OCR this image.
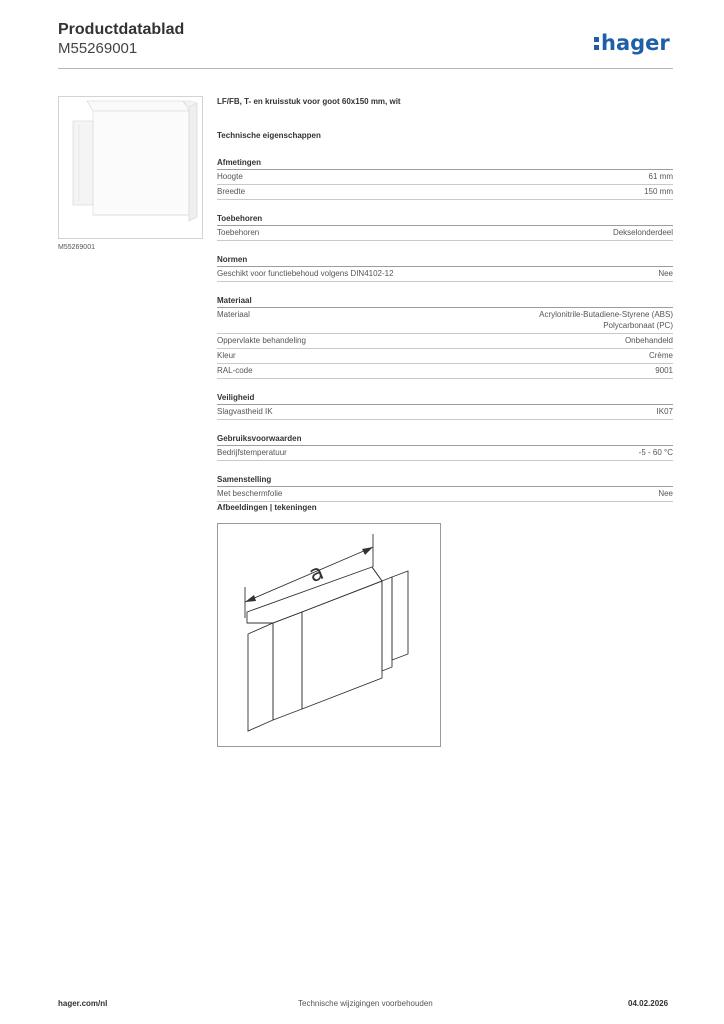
Productdatablad
M55269001	hager
M55269001
LF/FB, T- en kruisstuk voor goot 60x150 mm, wit
Technische eigenschappen
Afmetingen
Hoogte	61 mm
Breedte	150 mm
Toebehoren
Toebehoren	Dekselonderdeel
Normen
Geschikt voor functiebehoud volgens DIN4102-12	Nee
Materiaal
Materiaal	Acrylonitrile-Butadiene-Styrene (ABS)
Polycarbonaat (PC)
Oppervlakte behandeling	Onbehandeld
Kleur	Crème
RAL-code	9001
Veiligheid
Slagvastheid IK	IK07
Gebruiksvoorwaarden
Bedrijfstemperatuur	-5 - 60 °C
Samenstelling
Met beschermfolie	Nee
Afbeeldingen | tekeningen
a
hager.com/nl	Technische wijzigingen voorbehouden	04.02.2026
